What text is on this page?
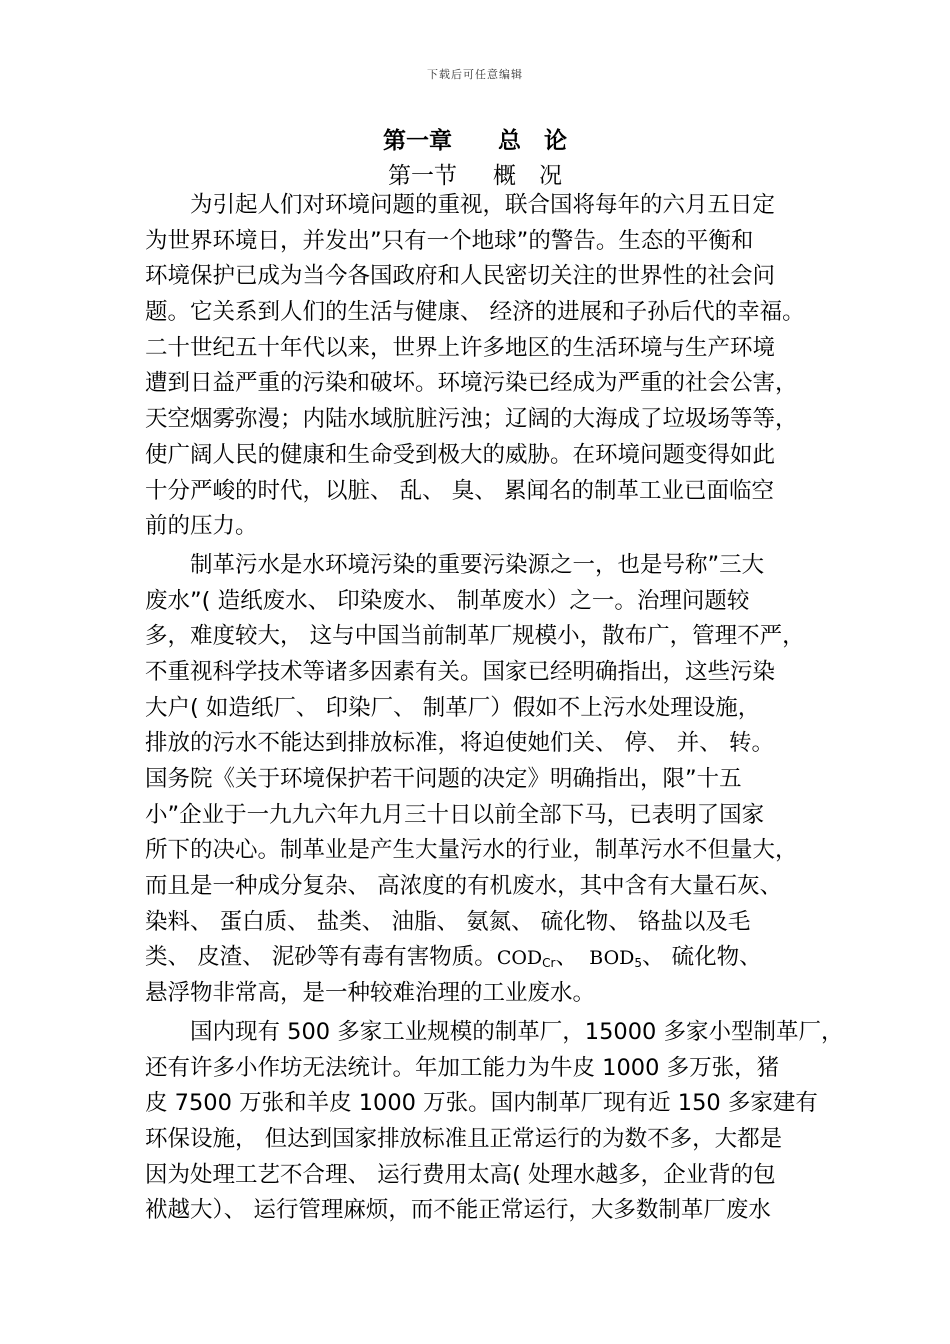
下载后可任意编辑
第一章 总　论
第一节 概　况
　　为引起人们对环境问题的重视，联合国将每年的六月五日定
为世界环境日，并发出”只有一个地球”的警告。生态的平衡和
环境保护已成为当今各国政府和人民密切关注的世界性的社会问
题。它关系到人们的生活与健康、 经济的进展和子孙后代的幸福。
二十世纪五十年代以来，世界上许多地区的生活环境与生产环境
遭到日益严重的污染和破坏。环境污染已经成为严重的社会公害，
天空烟雾弥漫；内陆水域肮脏污浊；辽阔的大海成了垃圾场等等，
使广阔人民的健康和生命受到极大的威胁。在环境问题变得如此
十分严峻的时代，以脏、 乱、 臭、 累闻名的制革工业已面临空
前的压力。
　　制革污水是水环境污染的重要污染源之一，也是号称”三大
废水”( 造纸废水、 印染废水、 制革废水）之一。治理问题较
多，难度较大， 这与中国当前制革厂规模小，散布广，管理不严，
不重视科学技术等诸多因素有关。国家已经明确指出，这些污染
大户( 如造纸厂、 印染厂、 制革厂）假如不上污水处理设施，
排放的污水不能达到排放标准，将迫使她们关、 停、 并、 转。
国务院《关于环境保护若干问题的决定》明确指出，限”十五
小”企业于一九九六年九月三十日以前全部下马，已表明了国家
所下的决心。制革业是产生大量污水的行业，制革污水不但量大，
而且是一种成分复杂、 高浓度的有机废水，其中含有大量石灰、
染料、 蛋白质、 盐类、 油脂、 氨氮、 硫化物、 铬盐以及毛
类、 皮渣、 泥砂等有毒有害物质。$COD_{Cr}$、　$BOD_5$、 硫化物、
悬浮物非常高，是一种较难治理的工业废水。
　　国内现有 500 多家工业规模的制革厂，15000 多家小型制革厂，
还有许多小作坊无法统计。年加工能力为牛皮 1000 多万张，猪
皮 7500 万张和羊皮 1000 万张。国内制革厂现有近 150 多家建有
环保设施， 但达到国家排放标准且正常运行的为数不多，大都是
因为处理工艺不合理、 运行费用太高( 处理水越多，企业背的包
袱越大）、 运行管理麻烦，而不能正常运行，大多数制革厂废水
